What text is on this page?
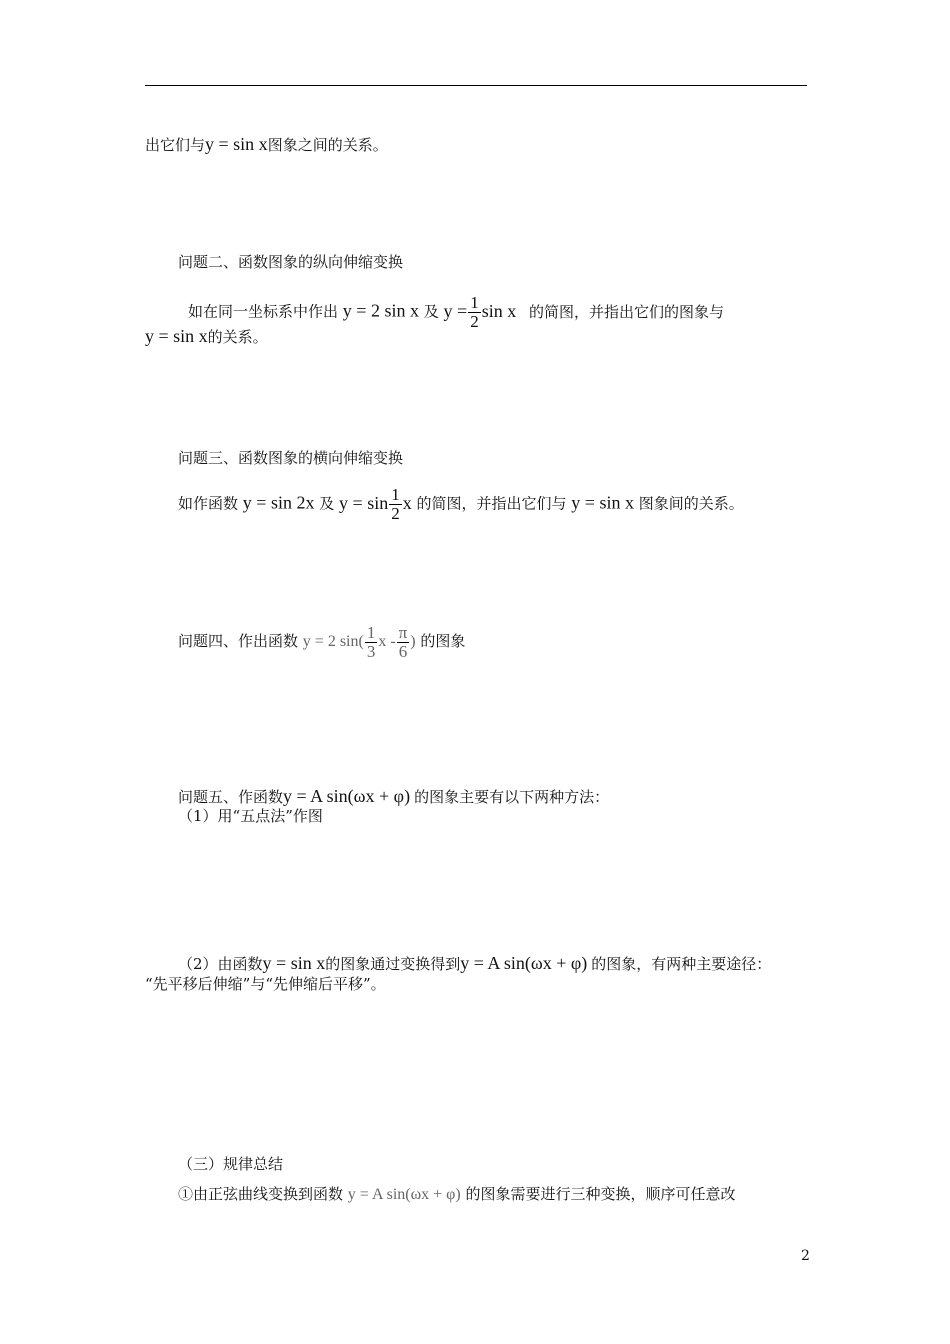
出它们与y = sin x图象之间的关系。
问题二、函数图象的纵向伸缩变换
如在同一坐标系中作出 y = 2 sin x 及 $y = \frac{1}{2}$ sin x 的简图，并指出它们的图象与
y = sin x的关系。
问题三、函数图象的横向伸缩变换
如作函数 y = sin 2x 及 $y = \sin \frac{1}{2}$ x 的简图，并指出它们与 y = sin x 图象间的关系。
问题四、作出函数 y = 2 $\sin( \frac{1}{3}$ x - $\frac{\pi}{6}$ ) 的图象
问题五、作函数y = A sin(ωx + φ) 的图象主要有以下两种方法：
（1）用“五点法”作图
（2）由函数y = sin x的图象通过变换得到y = A sin(ωx + φ) 的图象，有两种主要途径：
“先平移后伸缩”与“先伸缩后平移”。
（三）规律总结
①由正弦曲线变换到函数 y = A sin(ωx + φ) 的图象需要进行三种变换，顺序可任意改
2
